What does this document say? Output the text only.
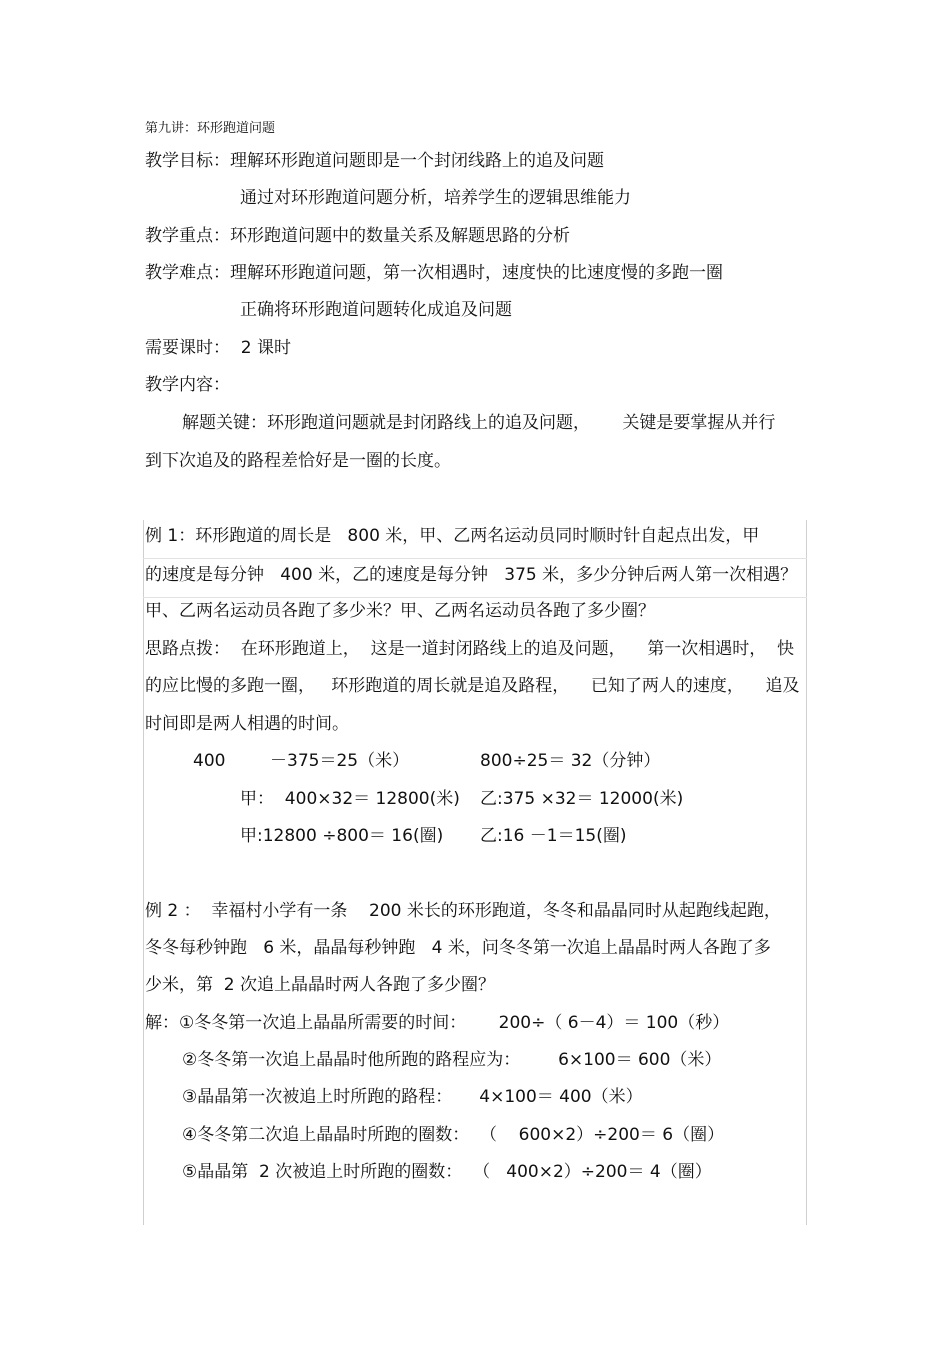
第九讲：环形跑道问题
教学目标：理解环形跑道问题即是一个封闭线路上的追及问题
通过对环形跑道问题分析，培养学生的逻辑思维能力
教学重点：环形跑道问题中的数量关系及解题思路的分析
教学难点：理解环形跑道问题，第一次相遇时，速度快的比速度慢的多跑一圈
正确将环形跑道问题转化成追及问题
需要课时：  2 课时
教学内容：
解题关键：环形跑道问题就是封闭路线上的追及问题，      关键是要掌握从并行
到下次追及的路程差恰好是一圈的长度。
例 1：环形跑道的周长是   800 米，甲、乙两名运动员同时顺时针自起点出发，甲
的速度是每分钟   400 米，乙的速度是每分钟   375 米，多少分钟后两人第一次相遇？
甲、乙两名运动员各跑了多少米？甲、乙两名运动员各跑了多少圈？
思路点拨：  在环形跑道上，  这是一道封闭路线上的追及问题，    第一次相遇时，  快
的应比慢的多跑一圈，   环形跑道的周长就是追及路程，    已知了两人的速度，    追及
时间即是两人相遇的时间。
400	－375＝25（米）	800÷25＝ 32（分钟）
甲：  400×32＝ 12800(米) 乙:375 ×32＝ 12000(米)
甲:12800 ÷800＝ 16(圈) 乙:16 －1＝15(圈)
例 2 ：  幸福村小学有一条    200 米长的环形跑道，冬冬和晶晶同时从起跑线起跑，
冬冬每秒钟跑   6 米，晶晶每秒钟跑   4 米，问冬冬第一次追上晶晶时两人各跑了多
少米，第  2 次追上晶晶时两人各跑了多少圈？
解：①冬冬第一次追上晶晶所需要的时间：      200÷（ 6－4）＝ 100（秒）
②冬冬第一次追上晶晶时他所跑的路程应为：       6×100＝ 600（米）
③晶晶第一次被追上时所跑的路程：     4×100＝ 400（米）
④冬冬第二次追上晶晶时所跑的圈数：  （    600×2）÷200＝ 6（圈）
⑤晶晶第  2 次被追上时所跑的圈数：  （   400×2）÷200＝ 4（圈）
